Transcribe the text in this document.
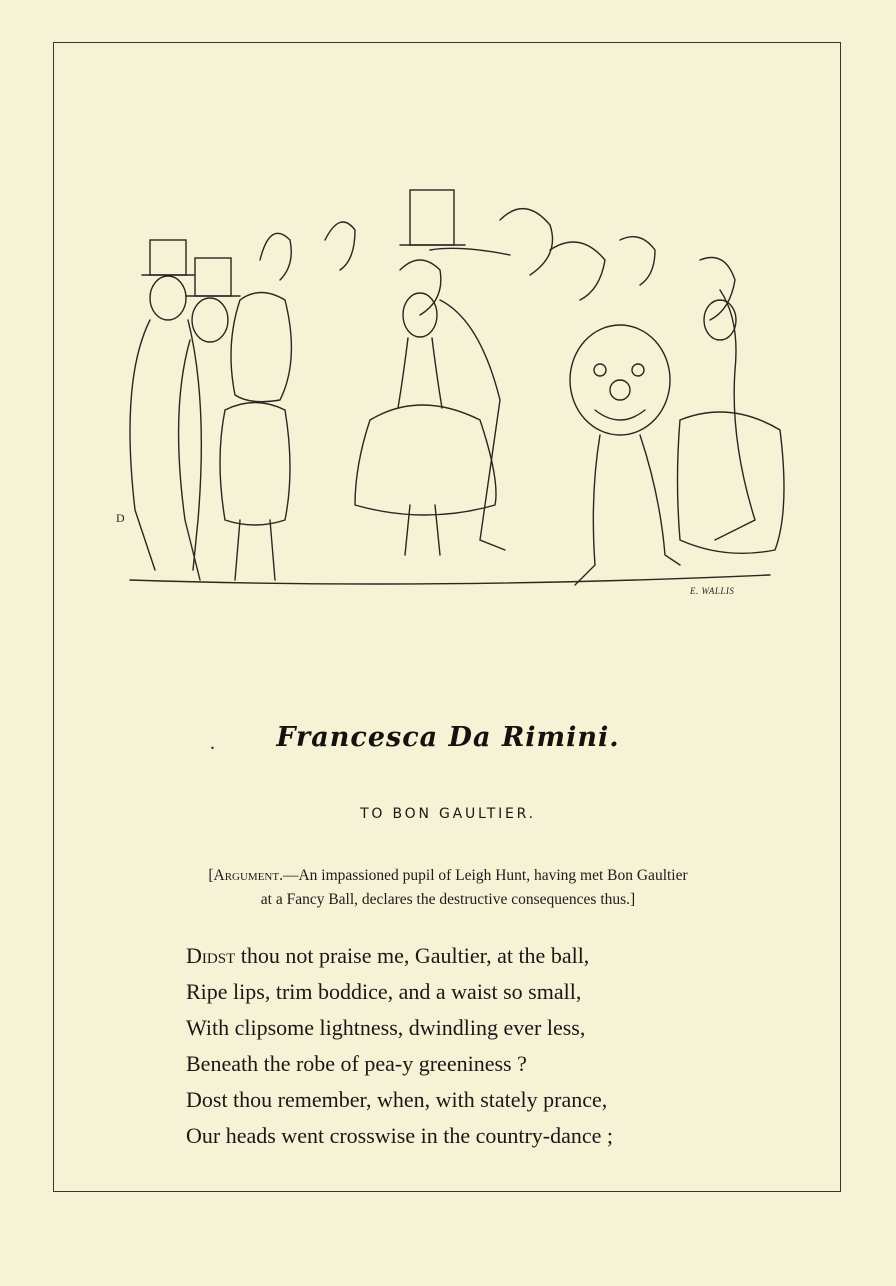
D
E. WALLIS
.	Francesca Da Rimini.
TO BON GAULTIER.
[Argument.—An impassioned pupil of Leigh Hunt, having met Bon Gaultier
at a Fancy Ball, declares the destructive consequences thus.]
Didst thou not praise me, Gaultier, at the ball,
Ripe lips, trim boddice, and a waist so small,
With clipsome lightness, dwindling ever less,
Beneath the robe of pea-y greeniness ?
Dost thou remember, when, with stately prance,
Our heads went crosswise in the country-dance ;
